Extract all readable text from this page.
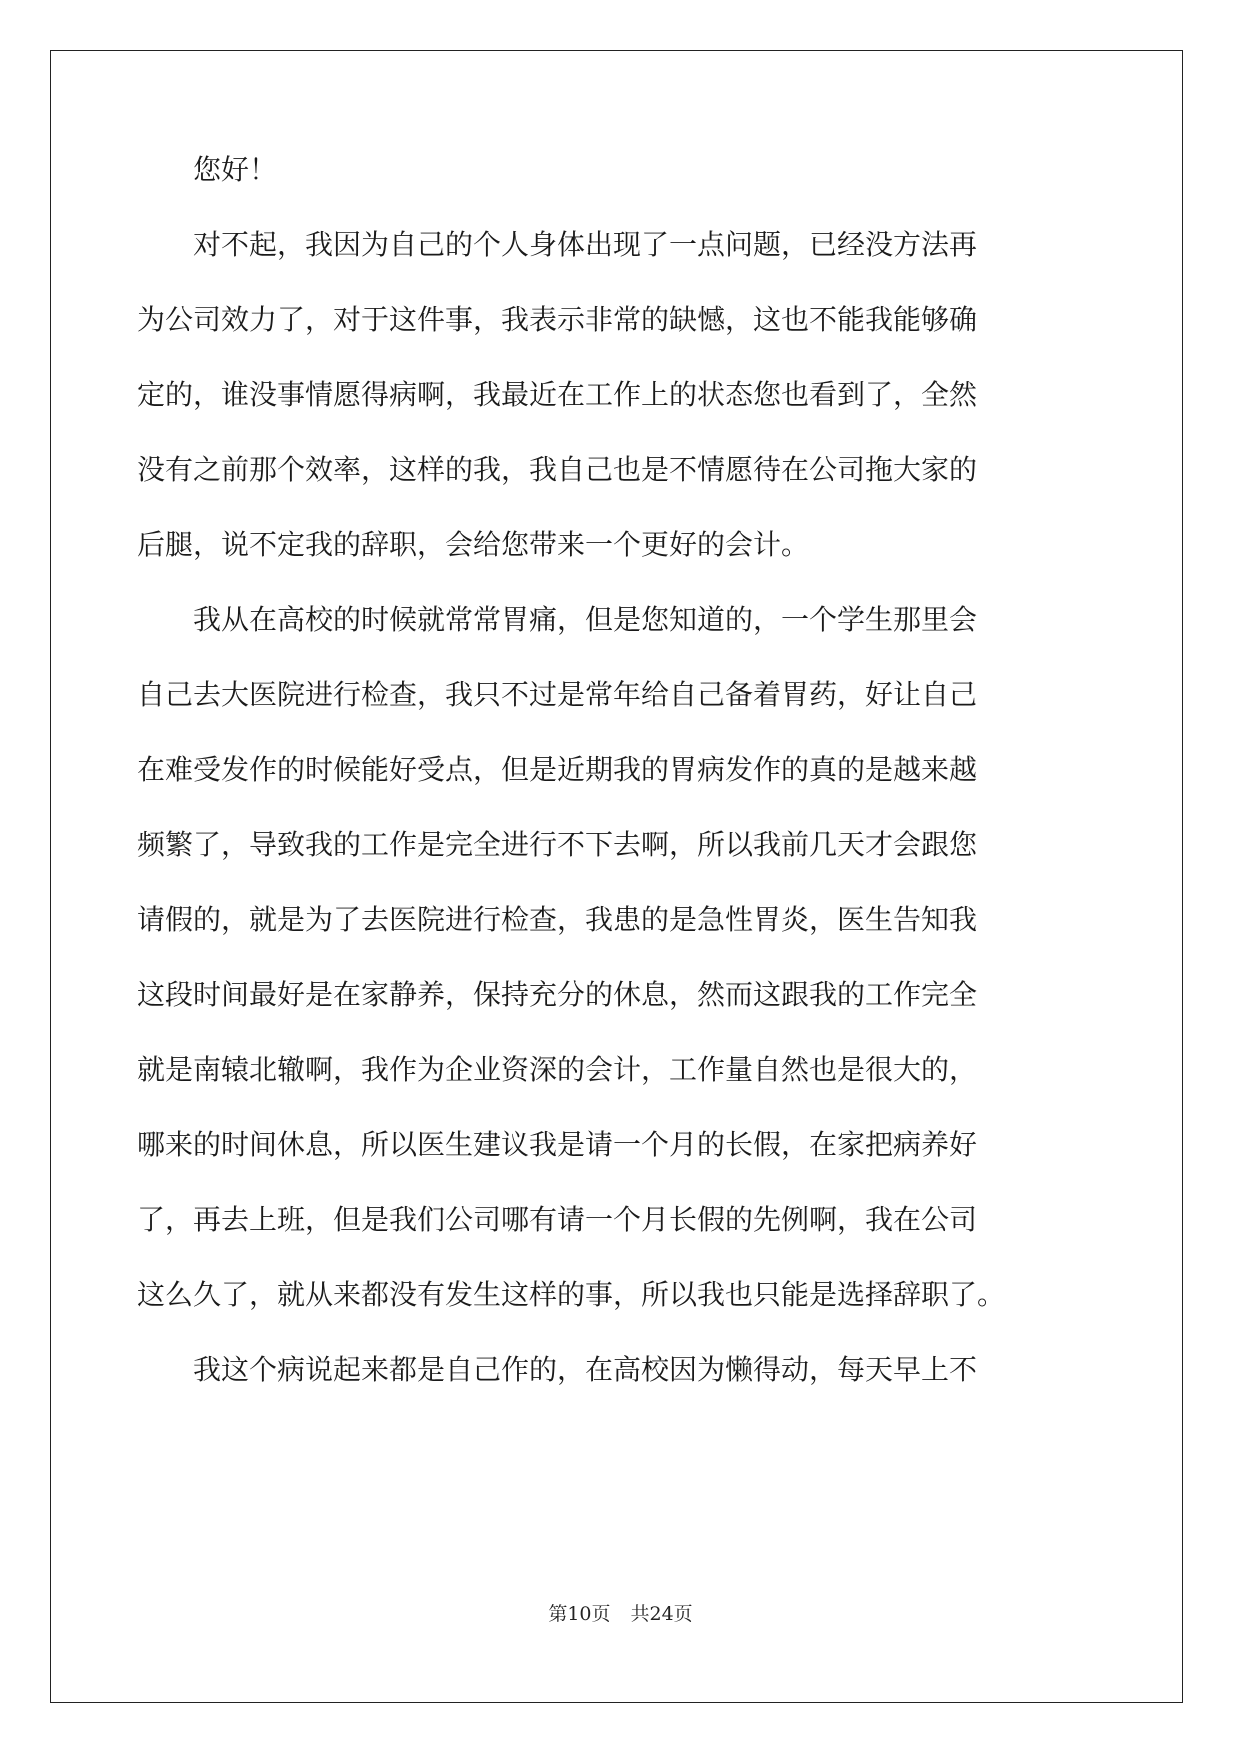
您好！
对不起，我因为自己的个人身体出现了一点问题，已经没方法再
为公司效力了，对于这件事，我表示非常的缺憾，这也不能我能够确
定的，谁没事情愿得病啊，我最近在工作上的状态您也看到了，全然
没有之前那个效率，这样的我，我自己也是不情愿待在公司拖大家的
后腿，说不定我的辞职，会给您带来一个更好的会计。
我从在高校的时候就常常胃痛，但是您知道的，一个学生那里会
自己去大医院进行检查，我只不过是常年给自己备着胃药，好让自己
在难受发作的时候能好受点，但是近期我的胃病发作的真的是越来越
频繁了，导致我的工作是完全进行不下去啊，所以我前几天才会跟您
请假的，就是为了去医院进行检查，我患的是急性胃炎，医生告知我
这段时间最好是在家静养，保持充分的休息，然而这跟我的工作完全
就是南辕北辙啊，我作为企业资深的会计，工作量自然也是很大的，
哪来的时间休息，所以医生建议我是请一个月的长假，在家把病养好
了，再去上班，但是我们公司哪有请一个月长假的先例啊，我在公司
这么久了，就从来都没有发生这样的事，所以我也只能是选择辞职了。
我这个病说起来都是自己作的，在高校因为懒得动，每天早上不
第10页 共24页
